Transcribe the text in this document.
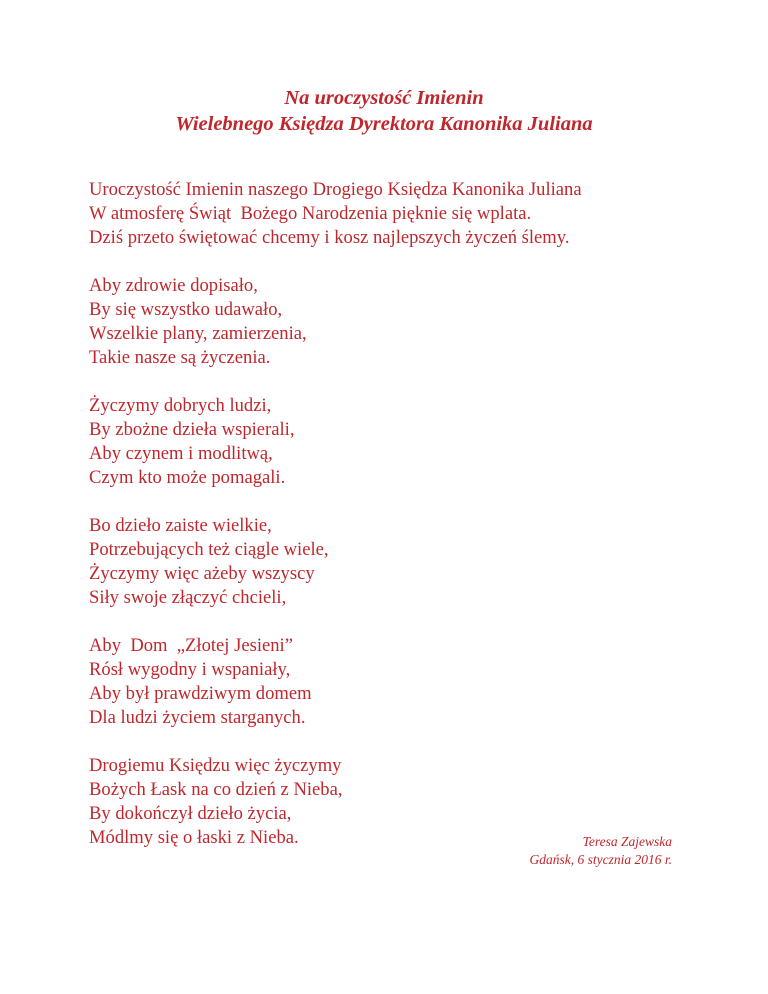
Na uroczystość Imienin
Wielebnego Księdza Dyrektora Kanonika Juliana
Uroczystość Imienin naszego Drogiego Księdza Kanonika Juliana
W atmosferę Świąt  Bożego Narodzenia pięknie się wplata.
Dziś przeto świętować chcemy i kosz najlepszych życzeń ślemy.
Aby zdrowie dopisało,
By się wszystko udawało,
Wszelkie plany, zamierzenia,
Takie nasze są życzenia.
Życzymy dobrych ludzi,
By zbożne dzieła wspierali,
Aby czynem i modlitwą,
Czym kto może pomagali.
Bo dzieło zaiste wielkie,
Potrzebujących też ciągle wiele,
Życzymy więc ażeby wszyscy
Siły swoje złączyć chcieli,
Aby  Dom  „Złotej Jesieni”
Rósł wygodny i wspaniały,
Aby był prawdziwym domem
Dla ludzi życiem starganych.
Drogiemu Księdzu więc życzymy
Bożych Łask na co dzień z Nieba,
By dokończył dzieło życia,
Módlmy się o łaski z Nieba.	Teresa Zajewska
Gdańsk, 6 stycznia 2016 r.
